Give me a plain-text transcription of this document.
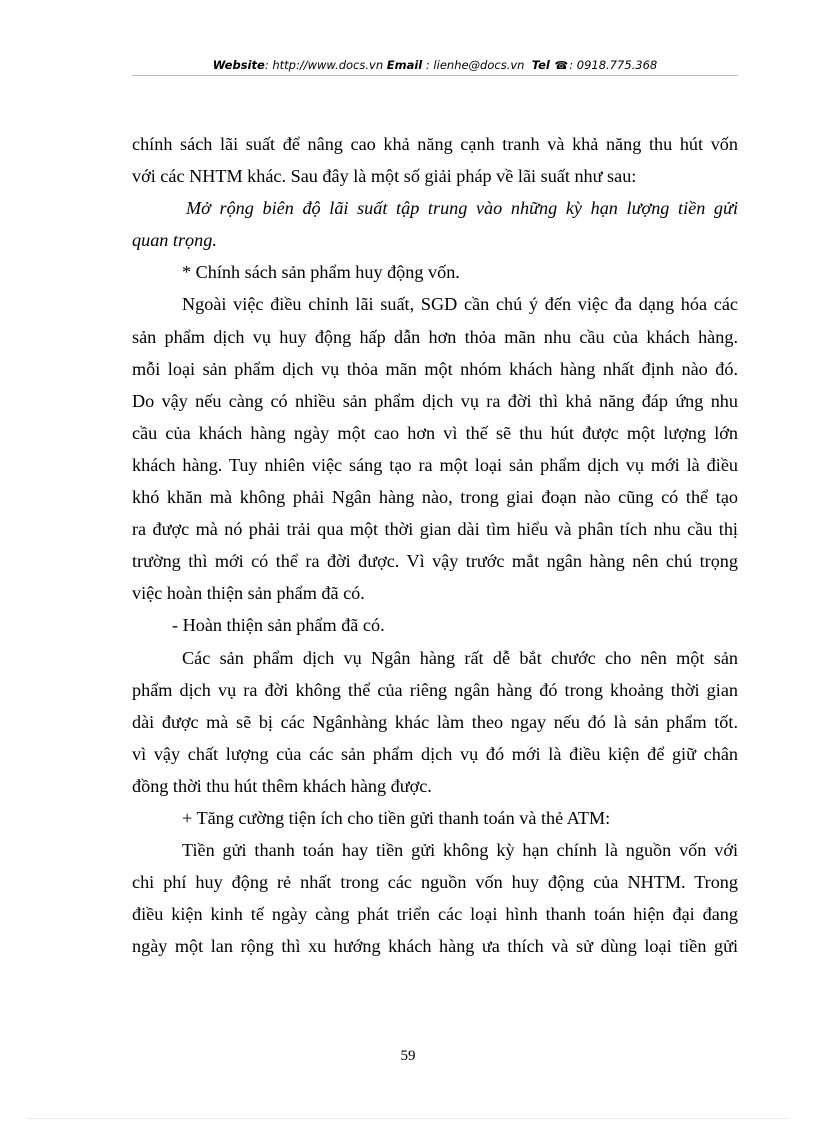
Website: http://www.docs.vn Email : lienhe@docs.vn Tel ☎: 0918.775.368
chính sách lãi suất để nâng cao khả năng cạnh tranh và khả năng thu hút vốn
với các NHTM khác. Sau đây là một số giải pháp về lãi suất như sau:
Mở rộng biên độ lãi suất tập trung vào những kỳ hạn lượng tiền gửi
quan trọng.
* Chính sách sản phẩm huy động vốn.
Ngoài việc điều chỉnh lãi suất, SGD cần chú ý đến việc đa dạng hóa các
sản phẩm dịch vụ huy động hấp dẫn hơn thỏa mãn nhu cầu của khách hàng.
mỗi loại sản phẩm dịch vụ thỏa mãn một nhóm khách hàng nhất định nào đó.
Do vậy nếu càng có nhiều sản phẩm dịch vụ ra đời thì khả năng đáp ứng nhu
cầu của khách hàng ngày một cao hơn vì thế sẽ thu hút được một lượng lớn
khách hàng. Tuy nhiên việc sáng tạo ra một loại sản phẩm dịch vụ mới là điều
khó khăn mà không phải Ngân hàng nào, trong giai đoạn nào cũng có thể tạo
ra được mà nó phải trải qua một thời gian dài tìm hiểu và phân tích nhu cầu thị
trường thì mới có thể ra đời được. Vì vậy trước mắt ngân hàng nên chú trọng
việc hoàn thiện sản phẩm đã có.
- Hoàn thiện sản phẩm đã có.
Các sản phẩm dịch vụ Ngân hàng rất dễ bắt chước cho nên một sản
phẩm dịch vụ ra đời không thể của riêng ngân hàng đó trong khoảng thời gian
dài được mà sẽ bị các Ngânhàng khác làm theo ngay nếu đó là sản phẩm tốt.
vì vậy chất lượng của các sản phẩm dịch vụ đó mới là điều kiện để giữ chân
đồng thời thu hút thêm khách hàng được.
+ Tăng cường tiện ích cho tiền gửi thanh toán và thẻ ATM:
Tiền gửi thanh toán hay tiền gửi không kỳ hạn chính là nguồn vốn với
chi phí huy động rẻ nhất trong các nguồn vốn huy động của NHTM. Trong
điều kiện kinh tế ngày càng phát triển các loại hình thanh toán hiện đại đang
ngày một lan rộng thì xu hướng khách hàng ưa thích và sử dùng loại tiền gửi
59
